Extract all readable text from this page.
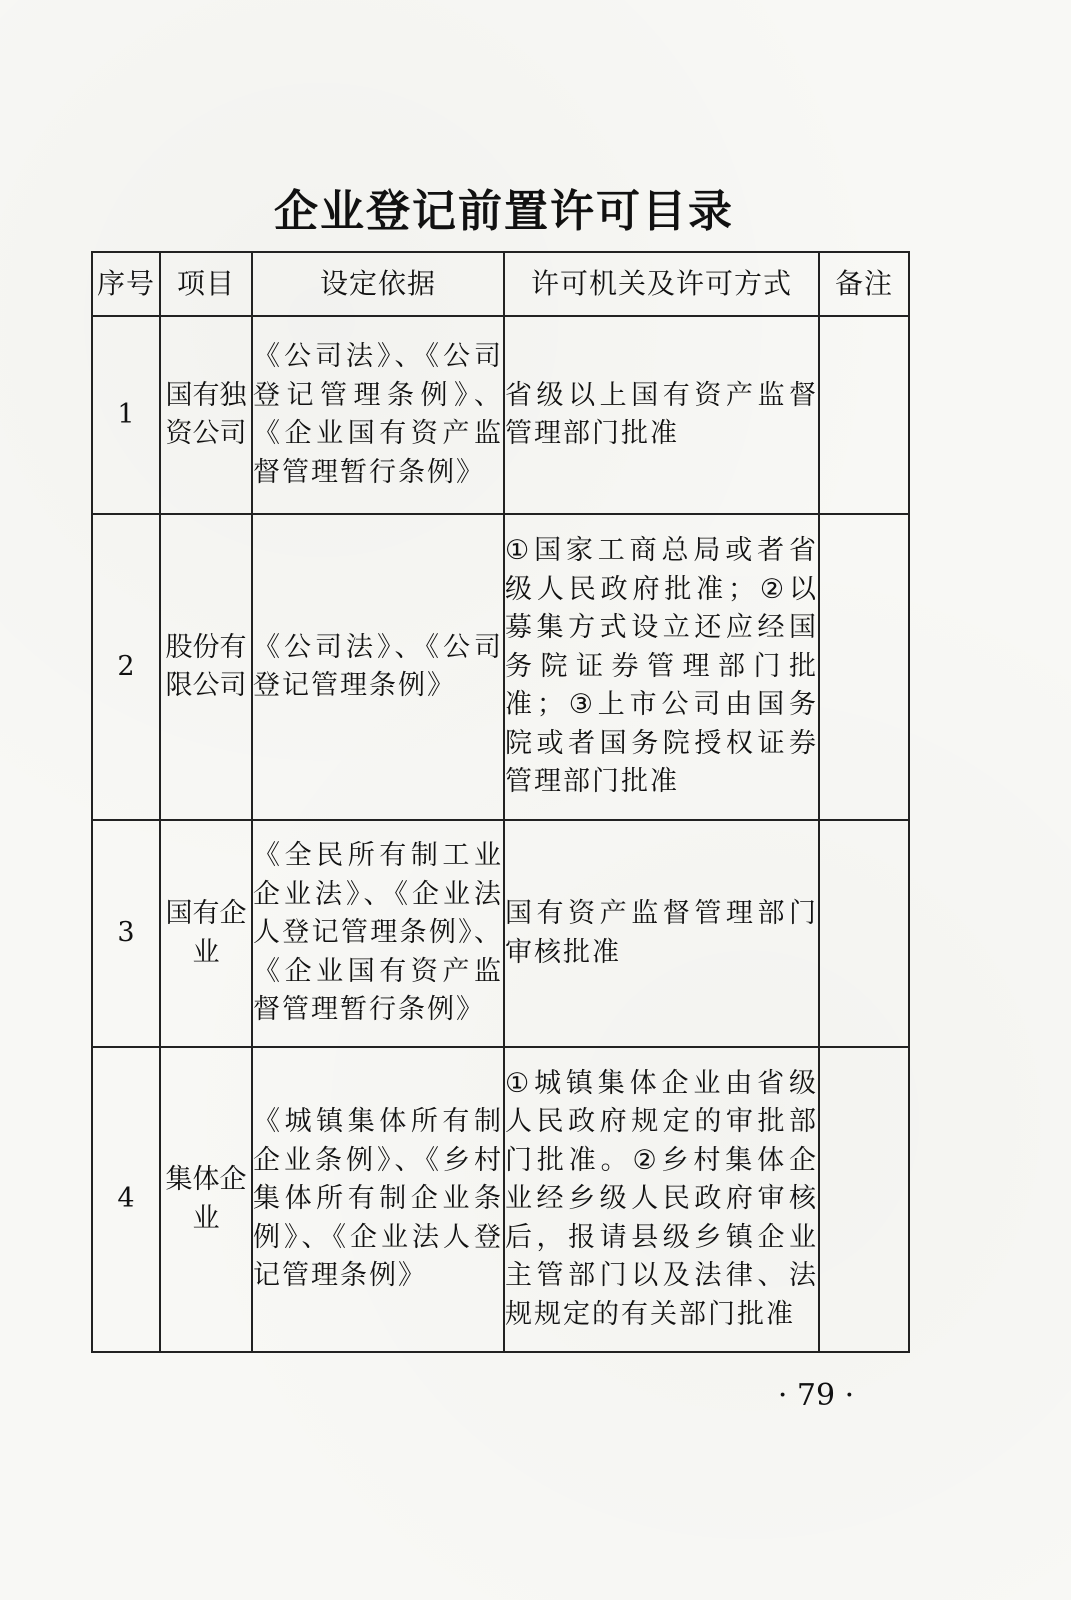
企业登记前置许可目录
序号	项目	设定依据	许可机关及许可方式	备注
1	国有独资公司	《公司法》、《公司登记管理条例》、《企业国有资产监督管理暂行条例》	省级以上国有资产监督管理部门批准	
2	股份有限公司	《公司法》、《公司登记管理条例》	①国家工商总局或者省级人民政府批准；②以募集方式设立还应经国务院证券管理部门批准；③上市公司由国务院或者国务院授权证券管理部门批准	
3	国有企业	《全民所有制工业企业法》、《企业法人登记管理条例》、《企业国有资产监督管理暂行条例》	国有资产监督管理部门审核批准	
4	集体企业	《城镇集体所有制企业条例》、《乡村集体所有制企业条例》、《企业法人登记管理条例》	①城镇集体企业由省级人民政府规定的审批部门批准。②乡村集体企业经乡级人民政府审核后，报请县级乡镇企业主管部门以及法律、法规规定的有关部门批准	
· 79 ·
